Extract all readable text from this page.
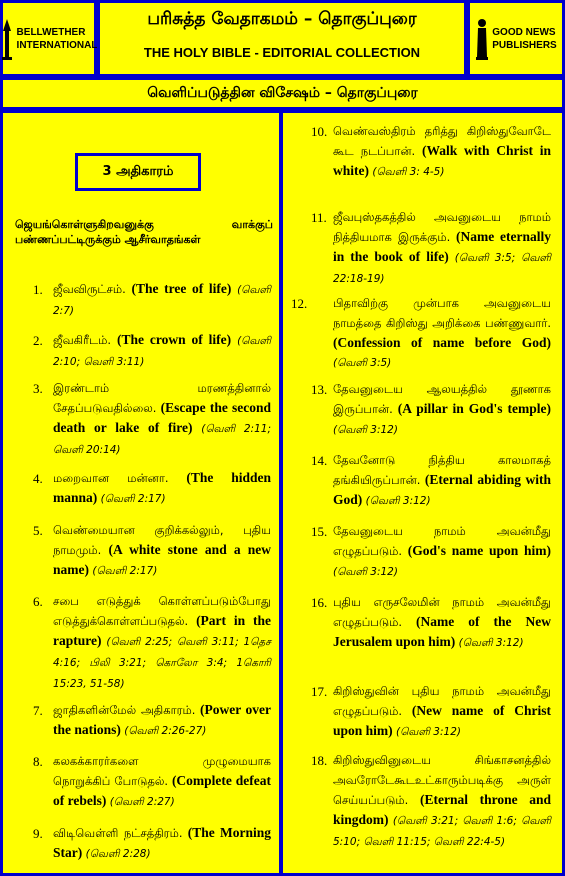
BELLWETHER
INTERNATIONAL
பரிசுத்த வேதாகமம் – தொகுப்புரை
THE HOLY BIBLE - EDITORIAL COLLECTION
GOOD NEWS
PUBLISHERS
வெளிப்படுத்தின விசேஷம் – தொகுப்புரை
3 அதிகாரம்
ஜெயங்கொள்ளுகிறவனுக்கு வாக்குப் பண்ணப்பட்டிருக்கும் ஆசீர்வாதங்கள்
1. ஜீவவிருட்சம். (The tree of life) (வெளி 2:7)
2. ஜீவகிரீடம். (The crown of life) (வெளி 2:10; வெளி 3:11)
3. இரண்டாம் மரணத்தினால் சேதப்படுவதில்லை. (Escape the second death or lake of fire) (வெளி 2:11; வெளி 20:14)
4. மறைவான மன்னா. (The hidden manna) (வெளி 2:17)
5. வெண்மையான குறிக்கல்லும், புதிய நாமமும். (A white stone and a new name) (வெளி 2:17)
6. சபை எடுத்துக் கொள்ளப்படும்போது எடுத்துக்கொள்ளப்படுதல். (Part in the rapture) (வெளி 2:25; வெளி 3:11; 1தெச 4:16; பிலி 3:21; கொலோ 3:4; 1கொரி 15:23, 51-58)
7. ஜாதிகளின்மேல் அதிகாரம். (Power over the nations) (வெளி 2:26-27)
8. கலகக்காரர்களை முழுமையாக நொறுக்கிப் போடுதல். (Complete defeat of rebels) (வெளி 2:27)
9. விடிவெள்ளி நட்சத்திரம். (The Morning Star) (வெளி 2:28)
10. வெண்வஸ்திரம் தரித்து கிறிஸ்துவோடே கூட நடப்பான். (Walk with Christ in white) (வெளி 3: 4-5)
11. ஜீவபுஸ்தகத்தில் அவனுடைய நாமம் நித்தியமாக இருக்கும். (Name eternally in the book of life) (வெளி 3:5; வெளி 22:18-19)
12. பிதாவிற்கு முன்பாக அவனுடைய நாமத்தை கிறிஸ்து அறிக்கை பண்ணுவார். (Confession of name before God) (வெளி 3:5)
13. தேவனுடைய ஆலயத்தில் தூணாக இருப்பான். (A pillar in God's temple) (வெளி 3:12)
14. தேவனோடு நித்திய காலமாகத் தங்கியிருப்பான். (Eternal abiding with God) (வெளி 3:12)
15. தேவனுடைய நாமம் அவன்மீது எழுதப்படும். (God's name upon him) (வெளி 3:12)
16. புதிய எருசலேமின் நாமம் அவன்மீது எழுதப்படும். (Name of the New Jerusalem upon him) (வெளி 3:12)
17. கிறிஸ்துவின் புதிய நாமம் அவன்மீது எழுதப்படும். (New name of Christ upon him) (வெளி 3:12)
18. கிறிஸ்துவினுடைய சிங்காசனத்தில் அவரோடேகூடஉட்காரும்படிக்கு அருள் செய்யப்படும். (Eternal throne and kingdom) (வெளி 3:21; வெளி 1:6; வெளி 5:10; வெளி 11:15; வெளி 22:4-5)
